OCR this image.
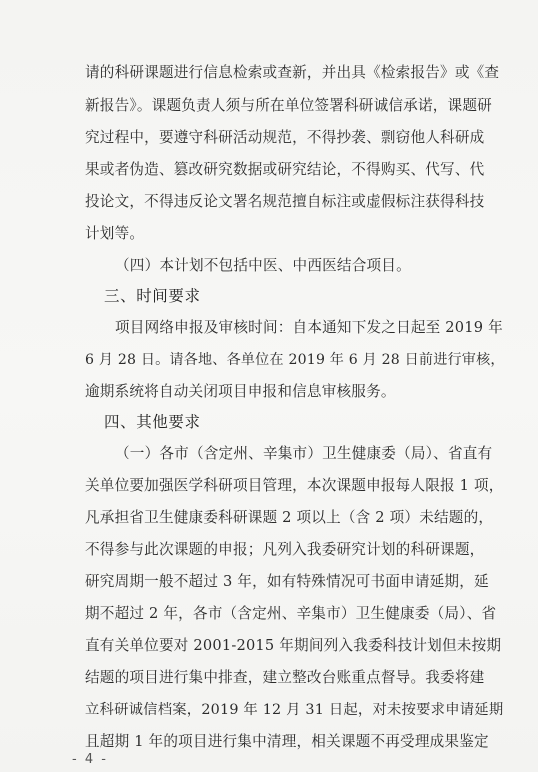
请的科研课题进行信息检索或查新，并出具《检索报告》或《查
新报告》。课题负责人须与所在单位签署科研诚信承诺，课题研
究过程中，要遵守科研活动规范，不得抄袭、剽窃他人科研成
果或者伪造、篡改研究数据或研究结论，不得购买、代写、代
投论文，不得违反论文署名规范擅自标注或虚假标注获得科技
计划等。
（四）本计划不包括中医、中西医结合项目。
三、时间要求
项目网络申报及审核时间：自本通知下发之日起至 2019 年
6 月 28 日。请各地、各单位在 2019 年 6 月 28 日前进行审核，
逾期系统将自动关闭项目申报和信息审核服务。
四、其他要求
（一）各市（含定州、辛集市）卫生健康委（局）、省直有
关单位要加强医学科研项目管理，本次课题申报每人限报 1 项，
凡承担省卫生健康委科研课题 2 项以上（含 2 项）未结题的，
不得参与此次课题的申报；凡列入我委研究计划的科研课题，
研究周期一般不超过 3 年，如有特殊情况可书面申请延期，延
期不超过 2 年，各市（含定州、辛集市）卫生健康委（局）、省
直有关单位要对 2001-2015 年期间列入我委科技计划但未按期
结题的项目进行集中排查，建立整改台账重点督导。我委将建
立科研诚信档案，2019 年 12 月 31 日起，对未按要求申请延期
且超期 1 年的项目进行集中清理，相关课题不再受理成果鉴定
- 4 -
